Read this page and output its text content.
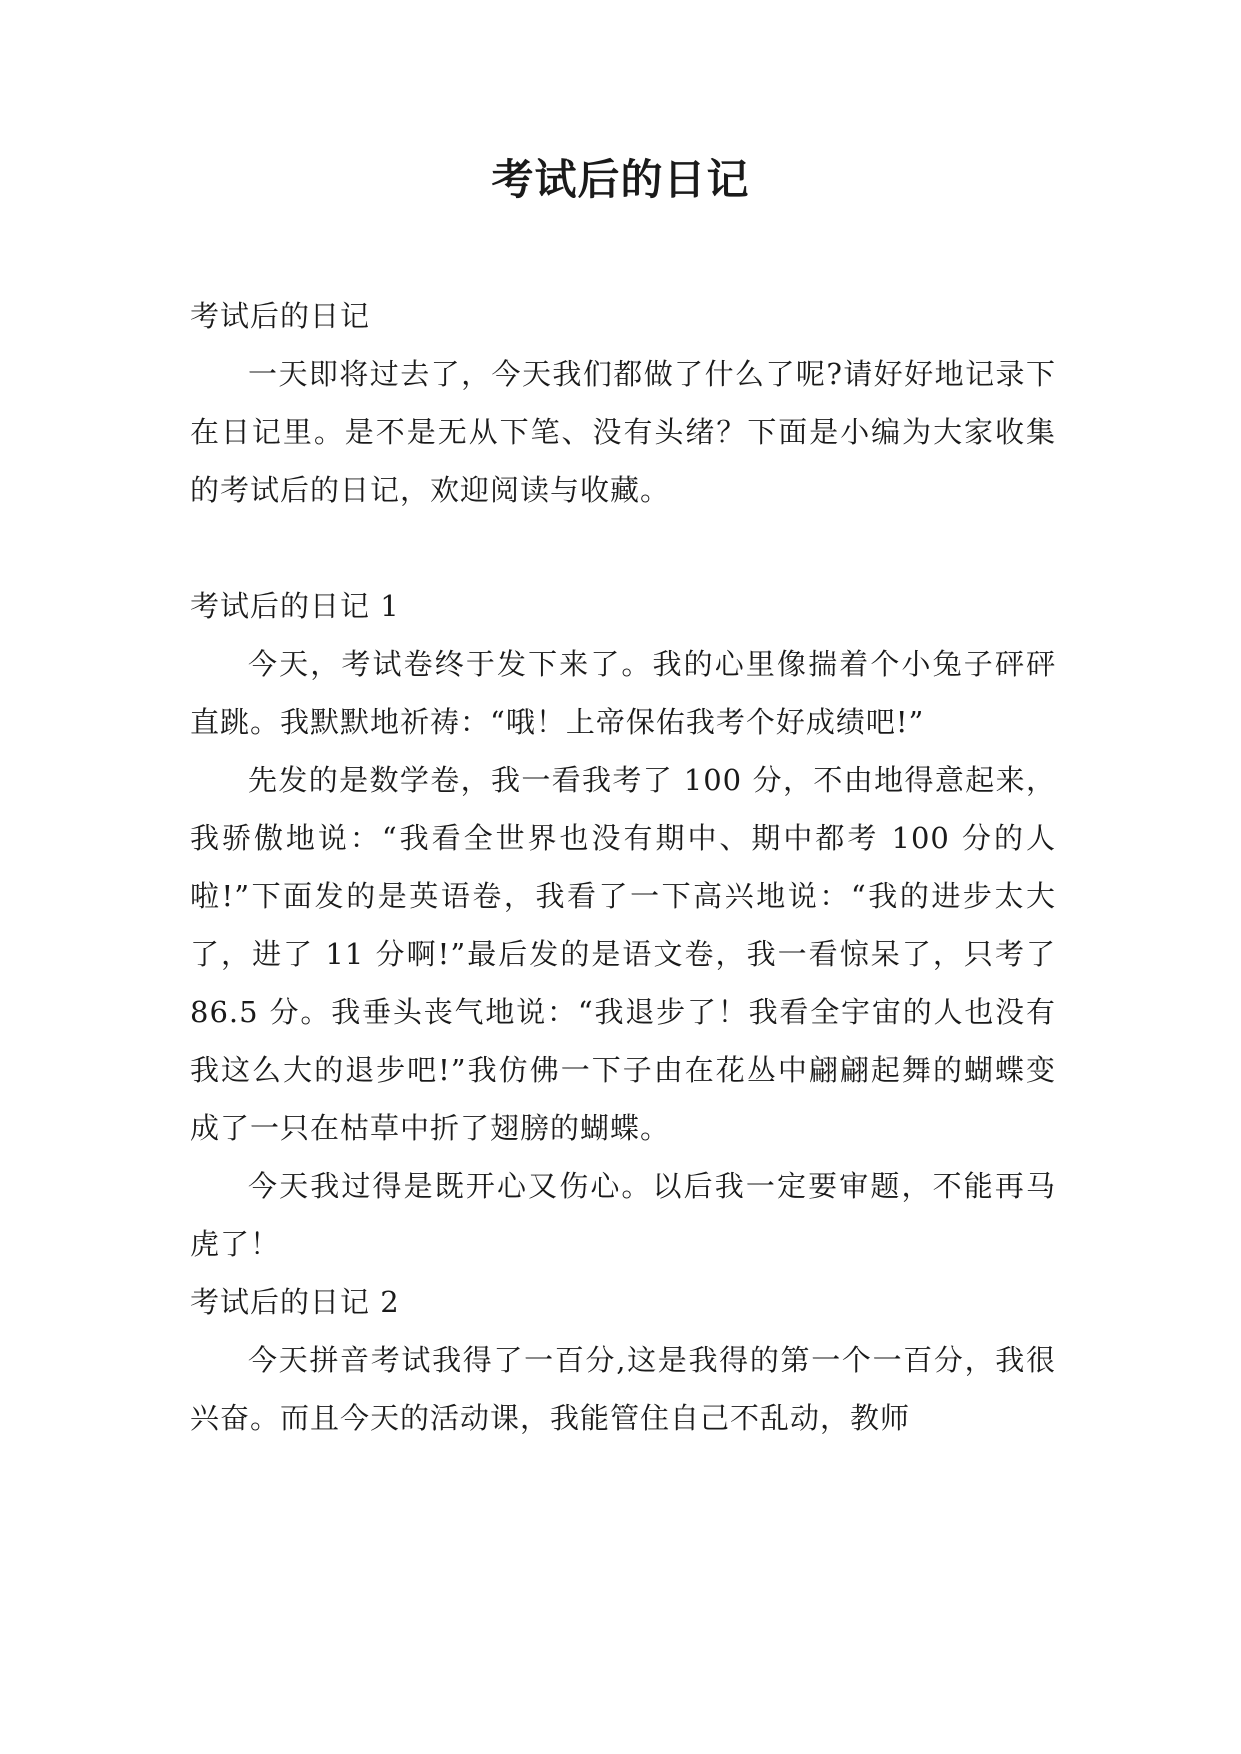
考试后的日记

考试后的日记

一天即将过去了，今天我们都做了什么了呢?请好好地记录下在日记里。是不是无从下笔、没有头绪？下面是小编为大家收集的考试后的日记，欢迎阅读与收藏。

考试后的日记 1

今天，考试卷终于发下来了。我的心里像揣着个小兔子砰砰直跳。我默默地祈祷：“哦！上帝保佑我考个好成绩吧!”

先发的是数学卷，我一看我考了 100 分，不由地得意起来，我骄傲地说：“我看全世界也没有期中、期中都考 100 分的人啦!”下面发的是英语卷，我看了一下高兴地说：“我的进步太大了，进了 11 分啊!”最后发的是语文卷，我一看惊呆了，只考了 86.5 分。我垂头丧气地说：“我退步了！我看全宇宙的人也没有我这么大的退步吧!”我仿佛一下子由在花丛中翩翩起舞的蝴蝶变成了一只在枯草中折了翅膀的蝴蝶。

今天我过得是既开心又伤心。以后我一定要审题，不能再马虎了！

考试后的日记 2

今天拼音考试我得了一百分,这是我得的第一个一百分，我很兴奋。而且今天的活动课，我能管住自己不乱动，教师
